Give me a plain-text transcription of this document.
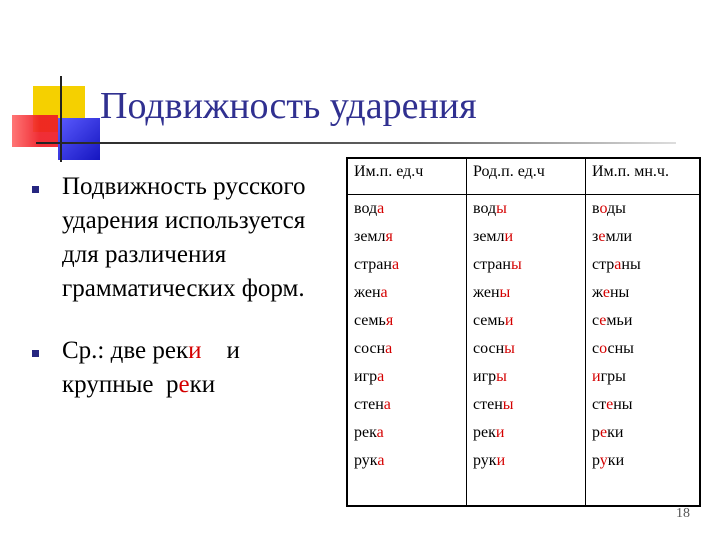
Подвижность ударения
Подвижность русского ударения используется для различения грамматических форм.
Ср.: две реки    и крупные  реки
Им.п. ед.ч	Род.п. ед.ч	Им.п. мн.ч.
вода	воды	воды
земля	земли	земли
страна	страны	страны
жена	жены	жены
семья	семьи	семьи
сосна	сосны	сосны
игра	игры	игры
стена	стены	стены
река	реки	реки
рука	руки	руки
18
